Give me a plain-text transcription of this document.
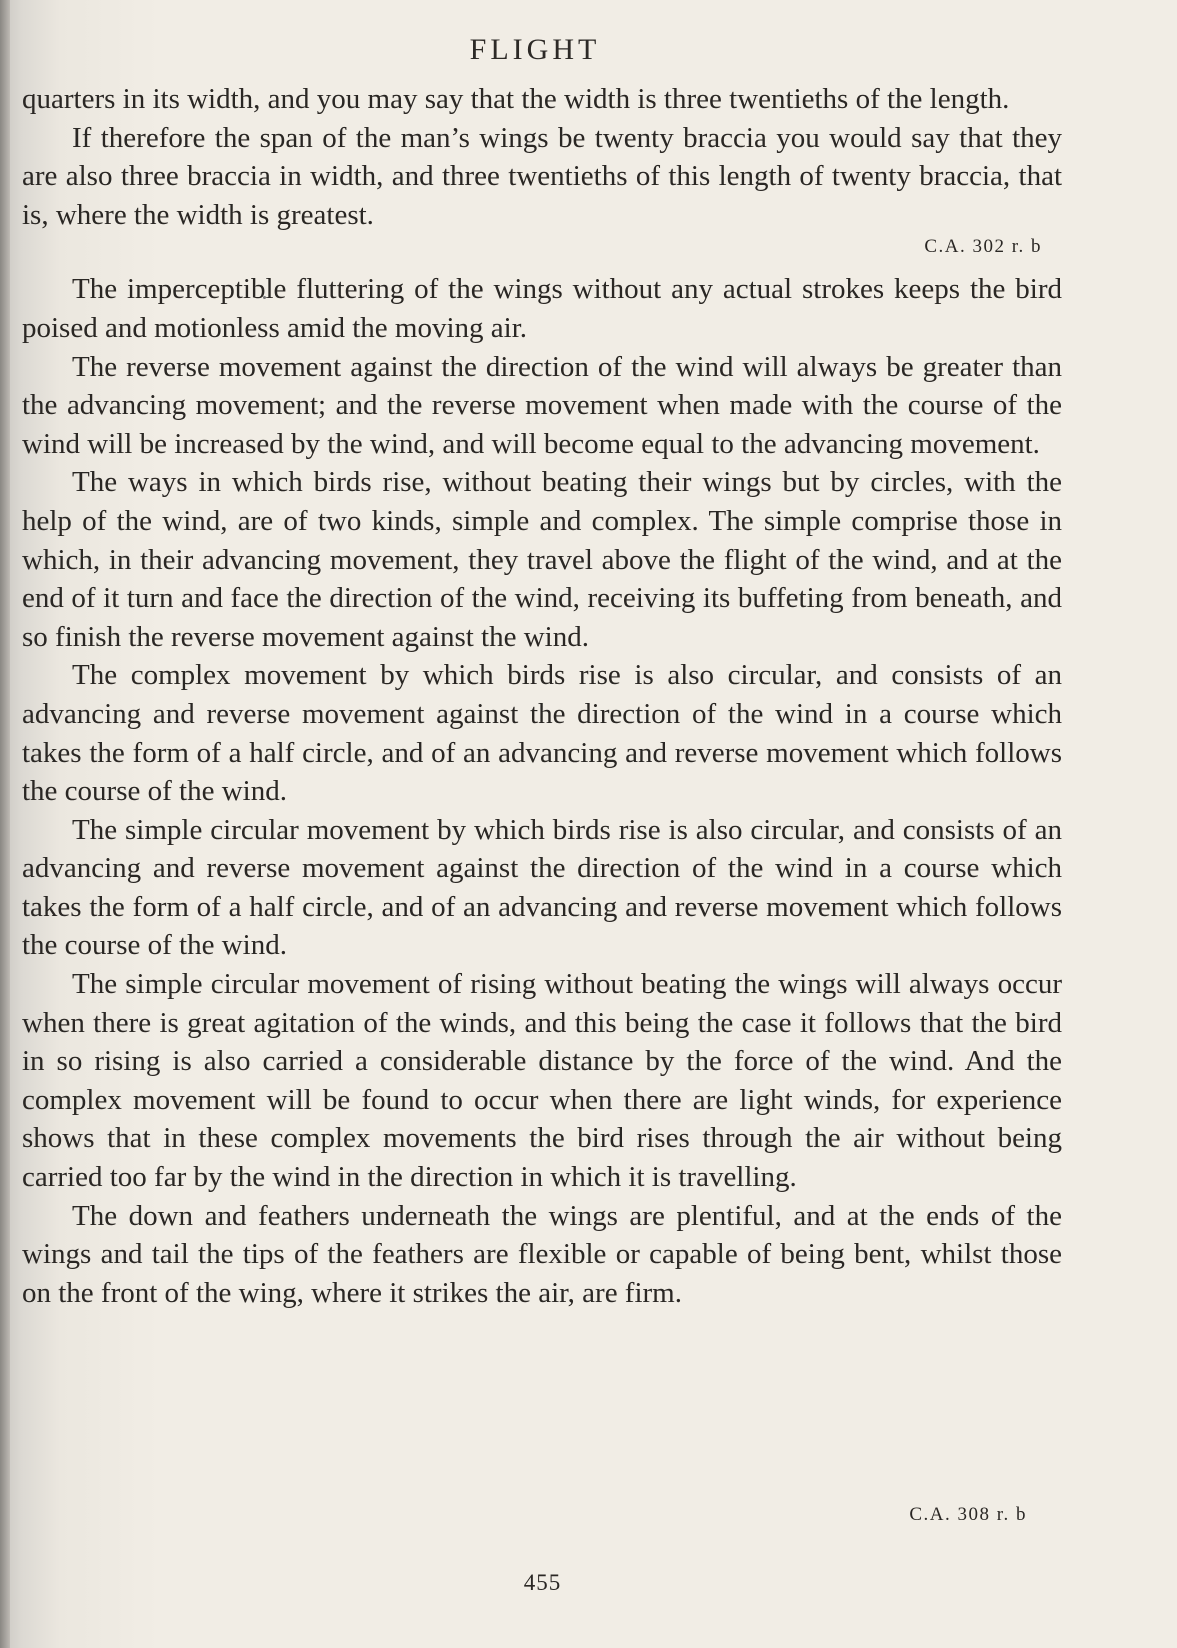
FLIGHT

quarters in its width, and you may say that the width is three twentieths of the length.

If therefore the span of the man’s wings be twenty braccia you would say that they are also three braccia in width, and three twentieths of this length of twenty braccia, that is, where the width is greatest.

C.A. 302 r. b

The imperceptible fluttering of the wings without any actual strokes keeps the bird poised and motionless amid the moving air.

The reverse movement against the direction of the wind will always be greater than the advancing movement; and the reverse movement when made with the course of the wind will be increased by the wind, and will become equal to the advancing movement.

The ways in which birds rise, without beating their wings but by circles, with the help of the wind, are of two kinds, simple and complex. The simple comprise those in which, in their advancing movement, they travel above the flight of the wind, and at the end of it turn and face the direction of the wind, receiving its buffeting from beneath, and so finish the reverse movement against the wind.

The complex movement by which birds rise is also circular, and consists of an advancing and reverse movement against the direction of the wind in a course which takes the form of a half circle, and of an advancing and reverse movement which follows the course of the wind.

The simple circular movement by which birds rise is also circular, and consists of an advancing and reverse movement against the direction of the wind in a course which takes the form of a half circle, and of an advancing and reverse movement which follows the course of the wind.

The simple circular movement of rising without beating the wings will always occur when there is great agitation of the winds, and this being the case it follows that the bird in so rising is also carried a considerable distance by the force of the wind. And the complex movement will be found to occur when there are light winds, for experience shows that in these complex movements the bird rises through the air without being carried too far by the wind in the direction in which it is travelling.

The down and feathers underneath the wings are plentiful, and at the ends of the wings and tail the tips of the feathers are flexible or capable of being bent, whilst those on the front of the wing, where it strikes the air, are firm.

C.A. 308 r. b

455
